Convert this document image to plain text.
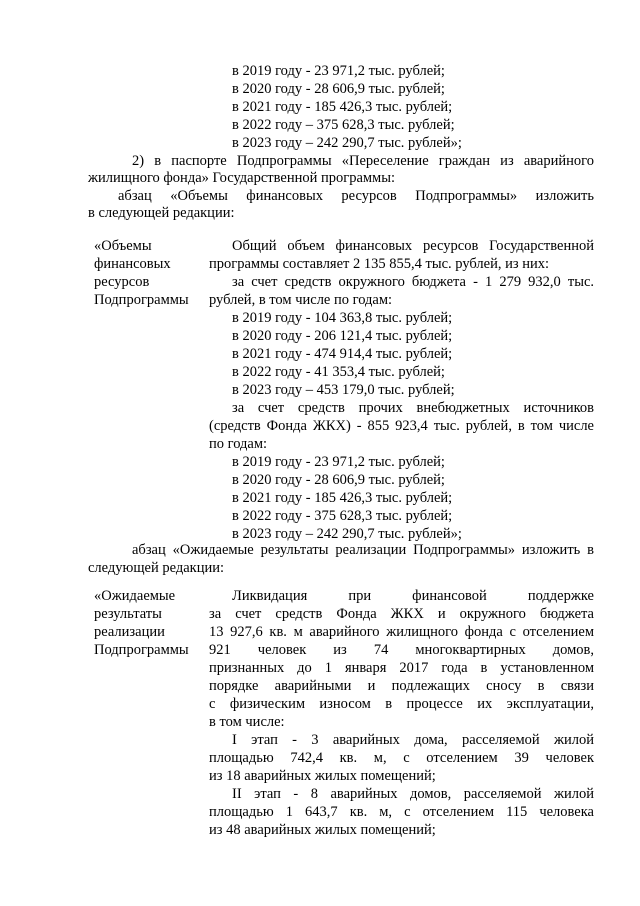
в 2019 году - 23 971,2 тыс. рублей;
в 2020 году - 28 606,9 тыс. рублей;
в 2021 году - 185 426,3 тыс. рублей;
в 2022 году – 375 628,3 тыс. рублей;
в 2023 году – 242 290,7 тыс. рублей»;
2) в паспорте Подпрограммы «Переселение граждан из аварийного
жилищного фонда» Государственной программы:
абзац «Объемы финансовых ресурсов Подпрограммы» изложить
в следующей редакции:
«Объемы
финансовых
ресурсов
Подпрограммы
Общий объем финансовых ресурсов Государственной
программы составляет 2 135 855,4 тыс. рублей, из них:
за счет средств окружного бюджета - 1 279 932,0 тыс.
рублей, в том числе по годам:
в 2019 году - 104 363,8 тыс. рублей;
в 2020 году - 206 121,4 тыс. рублей;
в 2021 году - 474 914,4 тыс. рублей;
в 2022 году - 41 353,4 тыс. рублей;
в 2023 году – 453 179,0 тыс. рублей;
за счет средств прочих внебюджетных источников
(средств Фонда ЖКХ) - 855 923,4 тыс. рублей, в том числе
по годам:
в 2019 году - 23 971,2 тыс. рублей;
в 2020 году - 28 606,9 тыс. рублей;
в 2021 году - 185 426,3 тыс. рублей;
в 2022 году - 375 628,3 тыс. рублей;
в 2023 году – 242 290,7 тыс. рублей»;
абзац «Ожидаемые результаты реализации Подпрограммы» изложить в
следующей редакции:
«Ожидаемые
результаты
реализации
Подпрограммы
Ликвидация при финансовой поддержке
за счет средств Фонда ЖКХ и окружного бюджета
13 927,6 кв. м аварийного жилищного фонда с отселением
921 человек из 74 многоквартирных домов,
признанных до 1 января 2017 года в установленном
порядке аварийными и подлежащих сносу в связи
с физическим износом в процессе их эксплуатации,
в том числе:
I этап - 3 аварийных дома, расселяемой жилой
площадью 742,4 кв. м, с отселением 39 человек
из 18 аварийных жилых помещений;
II этап - 8 аварийных домов, расселяемой жилой
площадью 1 643,7 кв. м, с отселением 115 человека
из 48 аварийных жилых помещений;
